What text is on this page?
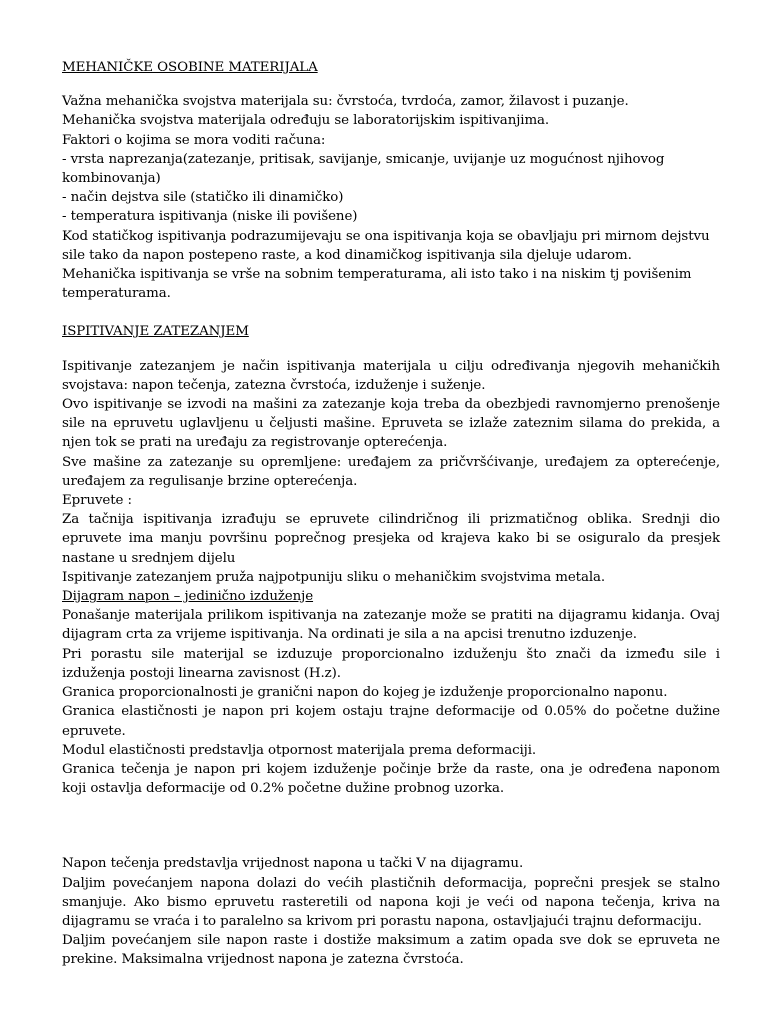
MEHANIČKE OSOBINE MATERIJALA

Važna mehanička svojstva materijala su: čvrstoća, tvrdoća, zamor, žilavost i puzanje.

Mehanička svojstva materijala određuju se laboratorijskim ispitivanjima.

Faktori o kojima se mora voditi računa:

- vrsta naprezanja(zatezanje, pritisak, savijanje, smicanje, uvijanje uz mogućnost njihovog kombinovanja)

- način dejstva sile (statičko ili dinamičko)

- temperatura ispitivanja (niske ili povišene)

Kod statičkog ispitivanja podrazumijevaju se ona ispitivanja koja se obavljaju pri mirnom dejstvu sile tako da napon postepeno raste, a kod dinamičkog ispitivanja sila djeluje udarom.

Mehanička ispitivanja se vrše na sobnim temperaturama, ali isto tako i na niskim tj povišenim temperaturama.

ISPITIVANJE ZATEZANJEM

Ispitivanje zatezanjem je način ispitivanja materijala u cilju određivanja njegovih mehaničkih svojstava: napon tečenja, zatezna čvrstoća, izduženje i suženje.

Ovo ispitivanje se izvodi na mašini za zatezanje koja treba da obezbjedi ravnomjerno prenošenje sile na epruvetu uglavljenu u čeljusti mašine. Epruveta se izlaže zateznim silama do prekida, a njen tok se prati na uređaju za registrovanje opterećenja.

Sve mašine za zatezanje su opremljene: uređajem za pričvršćivanje, uređajem za opterećenje, uređajem za regulisanje brzine opterećenja.

Epruvete :

Za tačnija ispitivanja izrađuju se epruvete cilindričnog ili prizmatičnog oblika. Srednji dio epruvete ima manju površinu poprečnog presjeka od krajeva kako bi se osiguralo da presjek nastane u srednjem dijelu

Ispitivanje zatezanjem pruža najpotpuniju sliku o mehaničkim svojstvima metala.

Dijagram napon – jedinično izduženje

Ponašanje materijala prilikom ispitivanja na zatezanje može se pratiti na dijagramu kidanja. Ovaj dijagram crta za vrijeme ispitivanja. Na ordinati je sila a na apcisi trenutno izduzenje.

Pri porastu sile materijal se izduzuje proporcionalno izduženju što znači da između sile i izduženja postoji linearna zavisnost (H.z).

Granica proporcionalnosti je granični napon do kojeg je izduženje proporcionalno naponu.

Granica elastičnosti je napon pri kojem ostaju trajne deformacije od 0.05% do početne dužine epruvete.

Modul elastičnosti predstavlja otpornost materijala prema deformaciji.

Granica tečenja je napon pri kojem izduženje počinje brže da raste, ona je određena naponom koji ostavlja deformacije od 0.2% početne dužine probnog uzorka.

Napon tečenja predstavlja vrijednost napona u tački V na dijagramu.

Daljim povećanjem napona dolazi do većih plastičnih deformacija, poprečni presjek se stalno smanjuje. Ako bismo epruvetu rasteretili od napona koji je veći od napona tečenja, kriva na dijagramu se vraća i to paralelno sa krivom pri porastu napona, ostavljajući trajnu deformaciju.

Daljim povećanjem sile napon raste i dostiže maksimum a zatim opada sve dok se epruveta ne prekine. Maksimalna vrijednost napona je zatezna čvrstoća.
